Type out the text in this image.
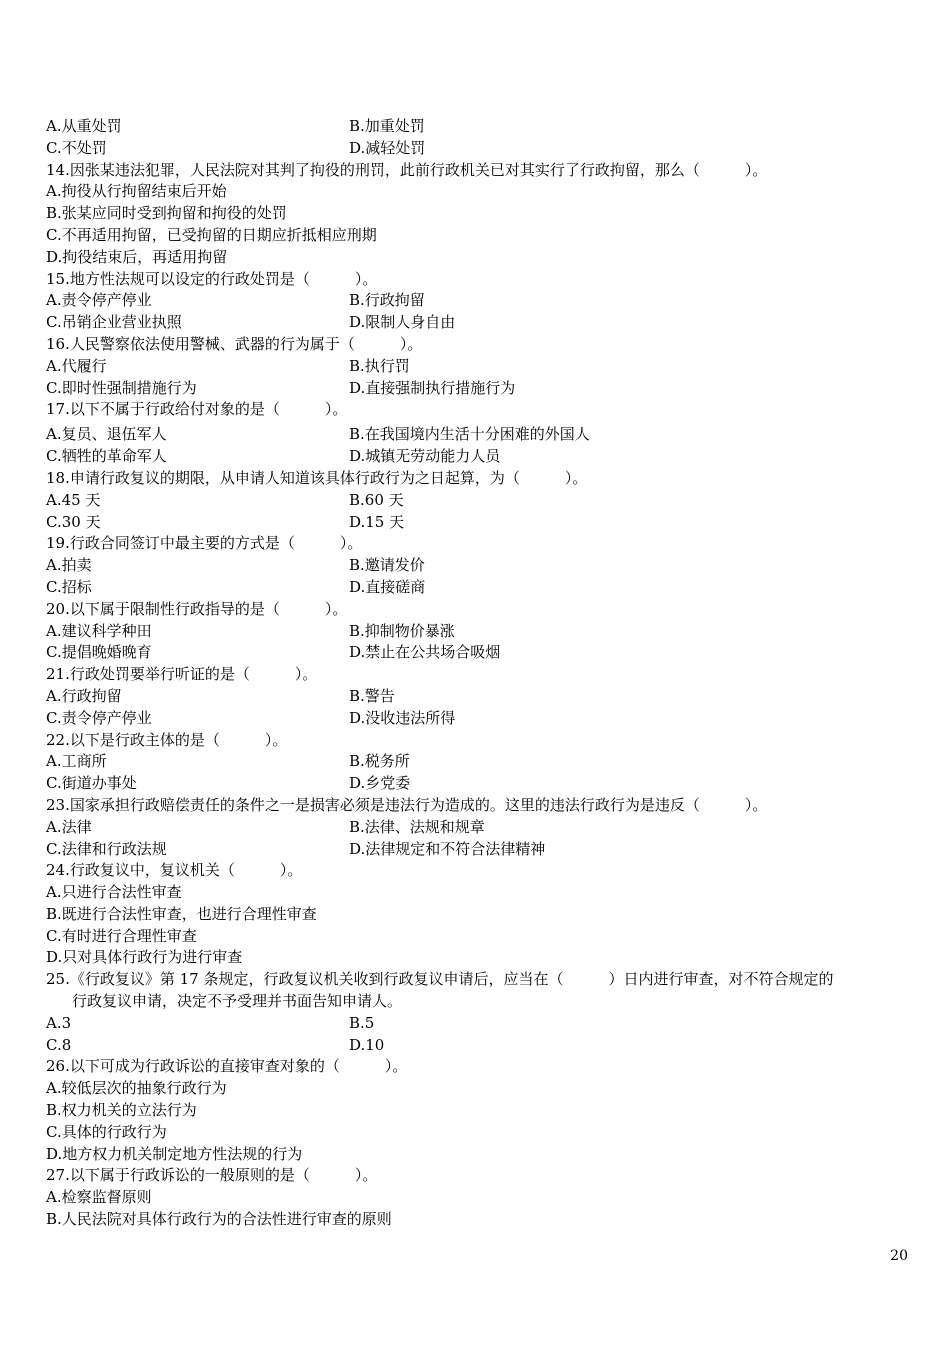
A.从重处罚	B.加重处罚
C.不处罚	D.减轻处罚
14.因张某违法犯罪，人民法院对其判了拘役的刑罚，此前行政机关已对其实行了行政拘留，那么（　　　）。
A.拘役从行拘留结束后开始
B.张某应同时受到拘留和拘役的处罚
C.不再适用拘留，已受拘留的日期应折抵相应刑期
D.拘役结束后，再适用拘留
15.地方性法规可以设定的行政处罚是（　　　）。
A.责令停产停业	B.行政拘留
C.吊销企业营业执照	D.限制人身自由
16.人民警察依法使用警械、武器的行为属于（　　　）。
A.代履行	B.执行罚
C.即时性强制措施行为	D.直接强制执行措施行为
17.以下不属于行政给付对象的是（　　　）。
A.复员、退伍军人	B.在我国境内生活十分困难的外国人
C.牺牲的革命军人	D.城镇无劳动能力人员
18.申请行政复议的期限，从申请人知道该具体行政行为之日起算，为（　　　）。
A.45 天	B.60 天
C.30 天	D.15 天
19.行政合同签订中最主要的方式是（　　　）。
A.拍卖	B.邀请发价
C.招标	D.直接磋商
20.以下属于限制性行政指导的是（　　　）。
A.建议科学种田	B.抑制物价暴涨
C.提倡晚婚晚育	D.禁止在公共场合吸烟
21.行政处罚要举行听证的是（　　　）。
A.行政拘留	B.警告
C.责令停产停业	D.没收违法所得
22.以下是行政主体的是（　　　）。
A.工商所	B.税务所
C.街道办事处	D.乡党委
23.国家承担行政赔偿责任的条件之一是损害必须是违法行为造成的。这里的违法行政行为是违反（　　　）。
A.法律	B.法律、法规和规章
C.法律和行政法规	D.法律规定和不符合法律精神
24.行政复议中，复议机关（　　　）。
A.只进行合法性审查
B.既进行合法性审查，也进行合理性审查
C.有时进行合理性审查
D.只对具体行政行为进行审查
25.《行政复议》第 17 条规定，行政复议机关收到行政复议申请后，应当在（　　　）日内进行审查，对不符合规定的
行政复议申请，决定不予受理并书面告知申请人。
A.3	B.5
C.8	D.10
26.以下可成为行政诉讼的直接审查对象的（　　　）。
A.较低层次的抽象行政行为
B.权力机关的立法行为
C.具体的行政行为
D.地方权力机关制定地方性法规的行为
27.以下属于行政诉讼的一般原则的是（　　　）。
A.检察监督原则
B.人民法院对具体行政行为的合法性进行审查的原则
20
